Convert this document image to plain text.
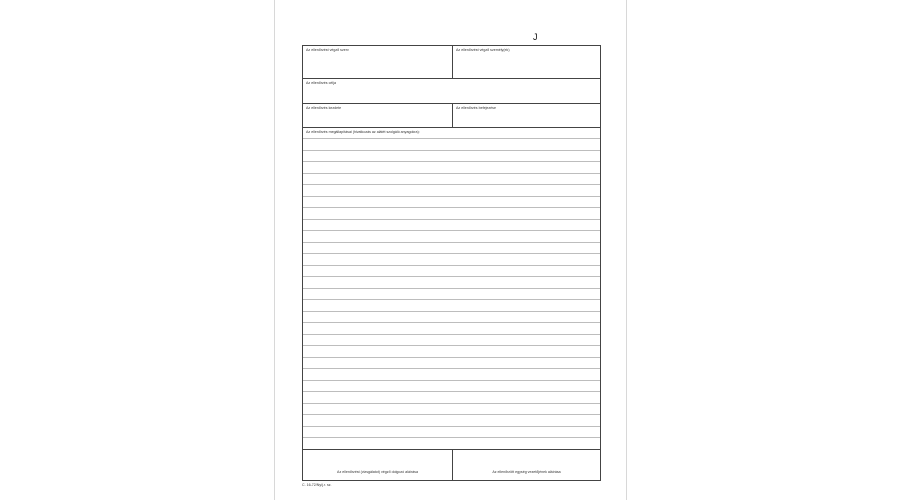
J
Az ellenőrzést végző szerv	Az ellenőrzést végző személy(ek)
Az ellenőrzés célja
Az ellenőrzés kezdete	Az ellenőrzés befejezése
Az ellenőrzés megállapításai (hivatkozás az alátét szolgáló anyagokra):
Az ellenőrzést (vizsgálatot) végző dolgozó aláírása	Az ellenőrzött egység vezetőjének aláírása
C. 16-72/Ny/j.r. sz.
